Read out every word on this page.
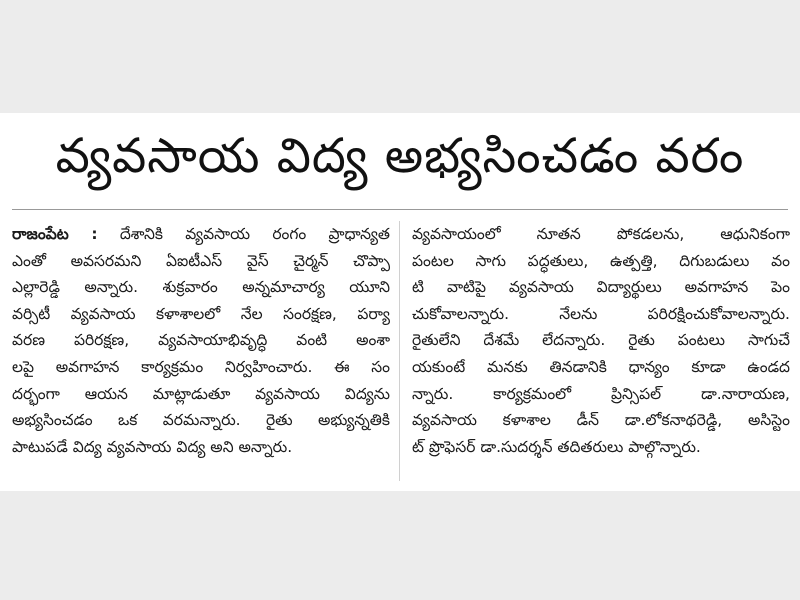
వ్యవసాయ విద్య అభ్యసించడం వరం
రాజంపేట : దేశానికి వ్యవసాయ రంగం ప్రాధాన్యత
ఎంతో అవసరమని ఏఐటీఎస్ వైస్ చైర్మన్ చొప్పా
ఎల్లారెడ్డి అన్నారు. శుక్రవారం అన్నమాచార్య యూని
వర్సిటీ వ్యవసాయ కళాశాలలో నేల సంరక్షణ, పర్యా
వరణ పరిరక్షణ, వ్యవసాయాభివృద్ధి వంటి అంశా
లపై అవగాహన కార్యక్రమం నిర్వహించారు. ఈ సం
దర్భంగా ఆయన మాట్లాడుతూ వ్యవసాయ విద్యను
అభ్యసించడం ఒక వరమన్నారు. రైతు అభ్యున్నతికి
పాటుపడే విద్య వ్యవసాయ విద్య అని అన్నారు.
వ్యవసాయంలో నూతన పోకడలను, ఆధునికంగా
పంటల సాగు పద్ధతులు, ఉత్పత్తి, దిగుబడులు వం
టి వాటిపై వ్యవసాయ విద్యార్థులు అవగాహన పెం
చుకోవాలన్నారు. నేలను పరిరక్షించుకోవాలన్నారు.
రైతులేని దేశమే లేదన్నారు. రైతు పంటలు సాగుచే
యకుంటే మనకు తినడానికి ధాన్యం కూడా ఉండద
న్నారు. కార్యక్రమంలో ప్రిన్సిపల్ డా.నారాయణ,
వ్యవసాయ కళాశాల డీన్ డా.లోకనాథరెడ్డి, అసిస్టెం
ట్ ప్రొఫెసర్ డా.సుదర్శన్ తదితరులు పాల్గొన్నారు.
